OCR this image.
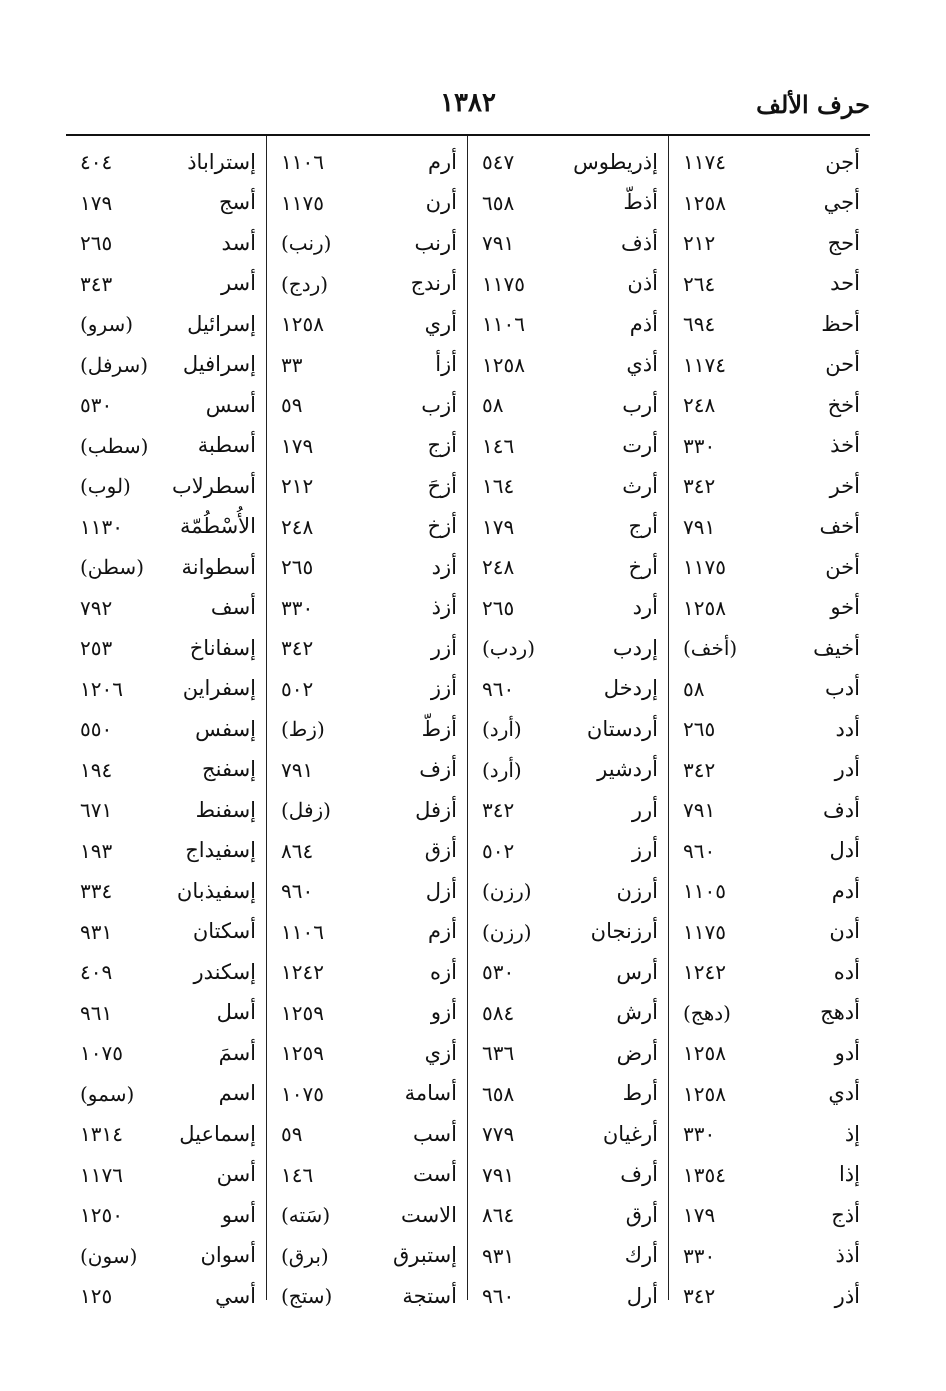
حرف الألف
١٣٨٢
أجن
١١٧٤
أجي
١٢٥٨
أحج
٢١٢
أحد
٢٦٤
أحظ
٦٩٤
أحن
١١٧٤
أخخ
٢٤٨
أخذ
٣٣٠
أخر
٣٤٢
أخف
٧٩١
أخن
١١٧٥
أخو
١٢٥٨
أخيف
(أخف)
أدب
٥٨
أدد
٢٦٥
أدر
٣٤٢
أدف
٧٩١
أدل
٩٦٠
أدم
١١٠٥
أدن
١١٧٥
أده
١٢٤٢
أدهج
(دهج)
أدو
١٢٥٨
أدي
١٢٥٨
إذ
٣٣٠
إذا
١٣٥٤
أذج
١٧٩
أذذ
٣٣٠
أذر
٣٤٢
إذريطوس
٥٤٧
أذطّ
٦٥٨
أذف
٧٩١
أذن
١١٧٥
أذم
١١٠٦
أذي
١٢٥٨
أرب
٥٨
أرت
١٤٦
أرث
١٦٤
أرج
١٧٩
أرخ
٢٤٨
أرد
٢٦٥
إردب
(ردب)
إردخل
٩٦٠
أردستان
(أرد)
أردشير
(أرد)
أرر
٣٤٢
أرز
٥٠٢
أرزن
(رزن)
أرزنجان
(رزن)
أرس
٥٣٠
أرش
٥٨٤
أرض
٦٣٦
أرط
٦٥٨
أرغيان
٧٧٩
أرف
٧٩١
أرق
٨٦٤
أرك
٩٣١
أرل
٩٦٠
أرم
١١٠٦
أرن
١١٧٥
أرنب
(رنب)
أرندج
(ردج)
أري
١٢٥٨
أزأ
٣٣
أزب
٥٩
أزج
١٧٩
أزحَ
٢١٢
أزخ
٢٤٨
أزد
٢٦٥
أزذ
٣٣٠
أزر
٣٤٢
أزز
٥٠٢
أزطّ
(زط)
أزف
٧٩١
أزفل
(زفل)
أزق
٨٦٤
أزل
٩٦٠
أزم
١١٠٦
أزه
١٢٤٢
أزو
١٢٥٩
أزي
١٢٥٩
أسامة
١٠٧٥
أسب
٥٩
أست
١٤٦
الاست
(سَته)
إستبرق
(برق)
أستجة
(ستج)
إستراباذ
٤٠٤
أسج
١٧٩
أسد
٢٦٥
أسر
٣٤٣
إسرائيل
(سرو)
إسرافيل
(سرفل)
أسس
٥٣٠
أسطبة
(سطب)
أسطرلاب
(لوب)
الأُسْطُمّة
١١٣٠
أسطوانة
(سطن)
أسف
٧٩٢
إسفاناخ
٢٥٣
إسفراين
١٢٠٦
إسفس
٥٥٠
إسفنج
١٩٤
إسفنط
٦٧١
إسفيداج
١٩٣
إسفيذبان
٣٣٤
أسكتان
٩٣١
إسكندر
٤٠٩
أسل
٩٦١
أسمَ
١٠٧٥
اسم
(سمو)
إسماعيل
١٣١٤
أسن
١١٧٦
أسو
١٢٥٠
أسوان
(سون)
أسي
١٢٥
